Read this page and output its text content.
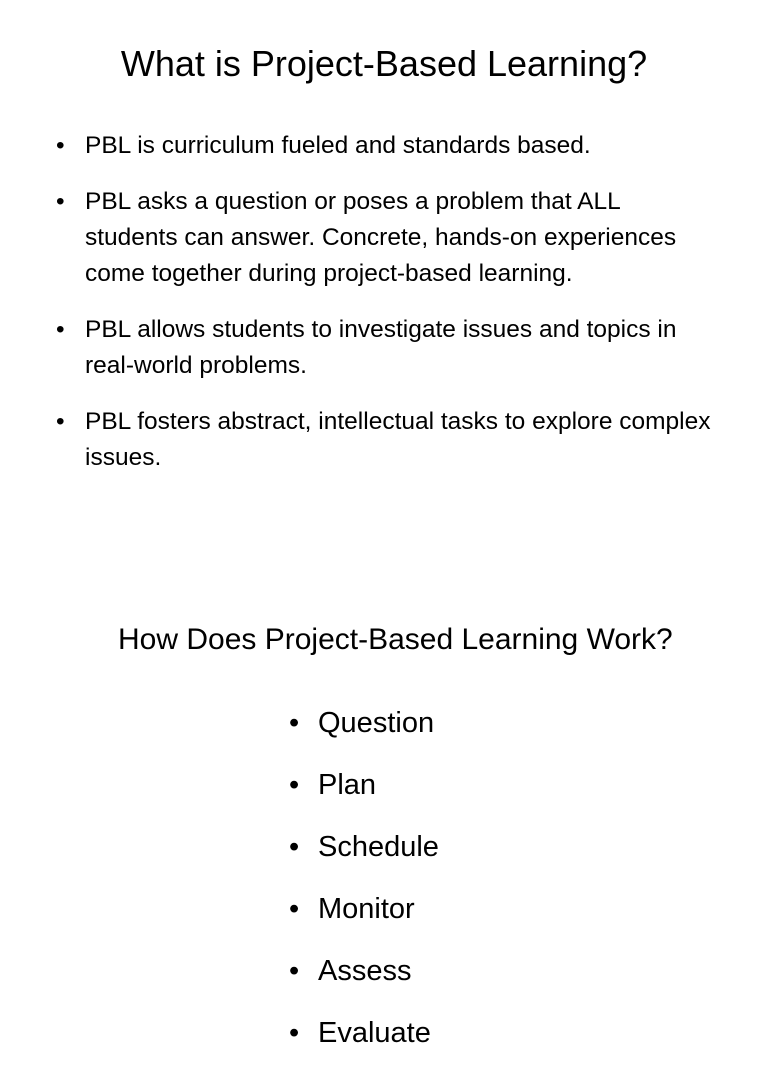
What is Project-Based Learning?
• PBL is curriculum fueled and standards based.
• PBL asks a question or poses a problem that ALL students can answer. Concrete, hands-on experiences come together during project-based learning.
• PBL allows students to investigate issues and topics in real-world problems.
• PBL fosters abstract, intellectual tasks to explore complex issues.
How Does Project-Based Learning Work?
• Question
• Plan
• Schedule
• Monitor
• Assess
• Evaluate
